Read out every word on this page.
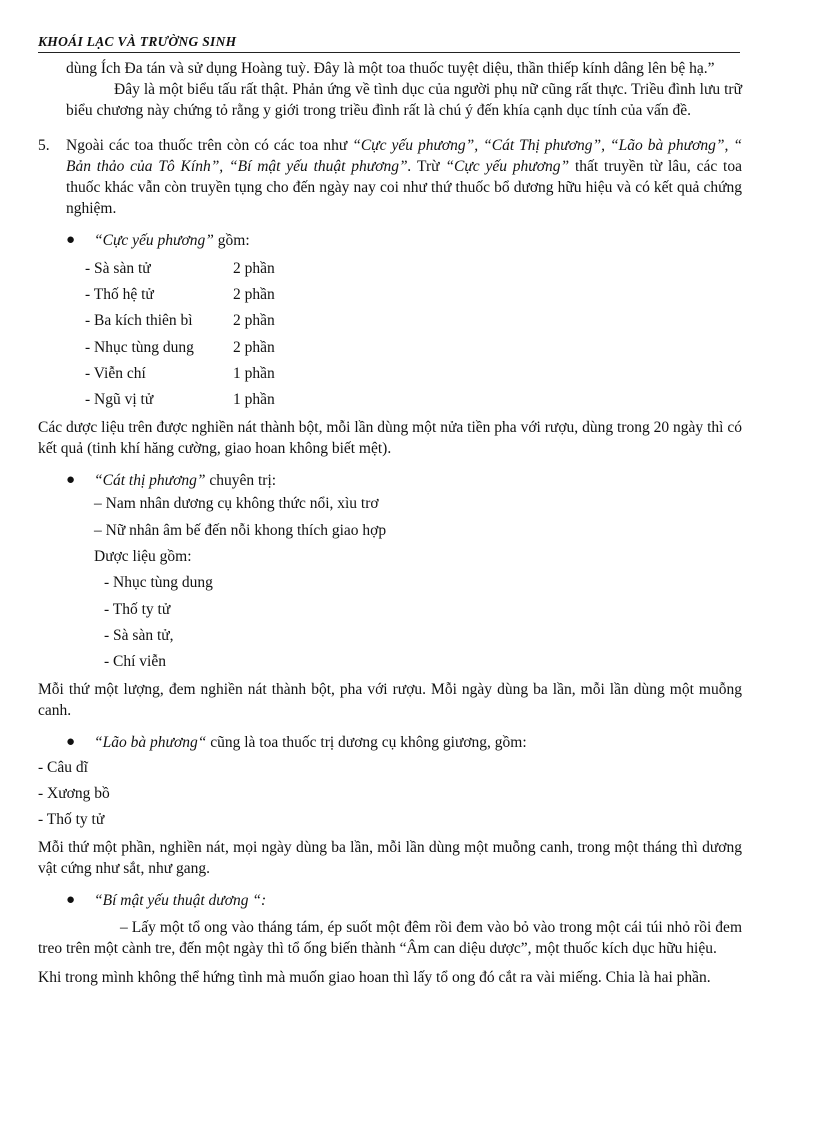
KHOÁI LẠC VÀ TRƯỜNG SINH

dùng Ích Đa tán và sử dụng Hoàng tuỳ. Đây là một toa thuốc tuyệt diệu, thần thiếp kính dâng lên bệ hạ.”

Đây là một biểu tấu rất thật. Phản ứng về tình dục của người phụ nữ cũng rất thực. Triều đình lưu trữ biểu chương này chứng tỏ rằng y giới trong triều đình rất là chú ý đến khía cạnh dục tính của vấn đề.

5.	Ngoài các toa thuốc trên còn có các toa như “Cực yếu phương”, “Cát Thị phương”, “Lão bà phương”, “ Bản thảo của Tô Kính”, “Bí mật yếu thuật phương”. Trừ “Cực yếu phương” thất truyền từ lâu, các toa thuốc khác vẫn còn truyền tụng cho đến ngày nay coi như thứ thuốc bổ dương hữu hiệu và có kết quả chứng nghiệm.

●	“Cực yếu phương” gồm:
- Sà sàn tử	2 phần
- Thố hệ tử	2 phần
- Ba kích thiên bì	2 phần
- Nhục tùng dung	2 phần
- Viễn chí	1 phần
- Ngũ vị tử	1 phần

Các dược liệu trên được nghiền nát thành bột, mỗi lần dùng một nửa tiền pha với rượu, dùng trong 20 ngày thì có kết quả (tinh khí hăng cường, giao hoan không biết mệt).

●	“Cát thị phương” chuyên trị:
– Nam nhân dương cụ không thức nổi, xìu trơ
– Nữ nhân âm bế đến nỗi khong thích giao hợp
Dược liệu gồm:
- Nhục tùng dung
- Thố ty tử
- Sà sàn tử,
- Chí viễn

Mỗi thứ một lượng, đem nghiền nát thành bột, pha với rượu. Mỗi ngày dùng ba lần, mỗi lần dùng một muỗng canh.

●	“Lão bà phương“ cũng là toa thuốc trị dương cụ không giương, gồm:
- Câu dĩ
- Xương bồ
- Thố ty tử

Mỗi thứ một phần, nghiền nát, mọi ngày dùng ba lần, mỗi lần dùng một muỗng canh, trong một tháng thì dương vật cứng như sắt, như gang.

●	“Bí mật yếu thuật dương “:

– Lấy một tổ ong vào tháng tám, ép suốt một đêm rồi đem vào bỏ vào trong một cái túi nhỏ rồi đem treo trên một cành tre, đến một ngày thì tổ ống biến thành “Âm can diệu dược”, một thuốc kích dục hữu hiệu.

Khi trong mình không thể hứng tình mà muốn giao hoan thì lấy tổ ong đó cắt ra vài miếng. Chia là hai phần.
